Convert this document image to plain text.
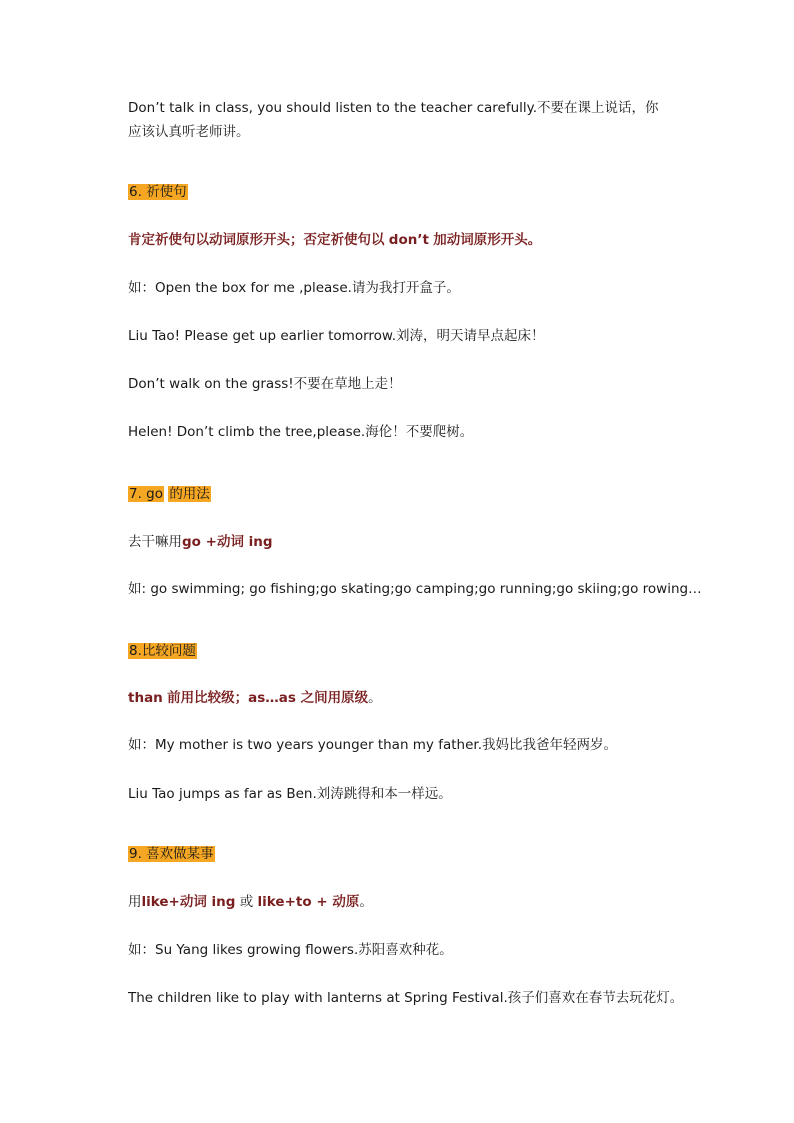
Don’t talk in class, you should listen to the teacher carefully.不要在课上说话，你应该认真听老师讲。
6. 祈使句
肯定祈使句以动词原形开头；否定祈使句以 don’t 加动词原形开头。
如：Open the box for me ,please.请为我打开盒子。
Liu Tao! Please get up earlier tomorrow.刘涛，明天请早点起床！
Don’t walk on the grass!不要在草地上走！
Helen! Don’t climb the tree,please.海伦！不要爬树。
7. go 的用法
去干嘛用go +动词 ing
如: go swimming; go fishing;go skating;go camping;go running;go skiing;go rowing…
8.比较问题
than 前用比较级；as…as 之间用原级。
如：My mother is two years younger than my father.我妈比我爸年轻两岁。
Liu Tao jumps as far as Ben.刘涛跳得和本一样远。
9. 喜欢做某事
用like+动词 ing 或 like+to + 动原。
如：Su Yang likes growing flowers.苏阳喜欢种花。
The children like to play with lanterns at Spring Festival.孩子们喜欢在春节去玩花灯。
